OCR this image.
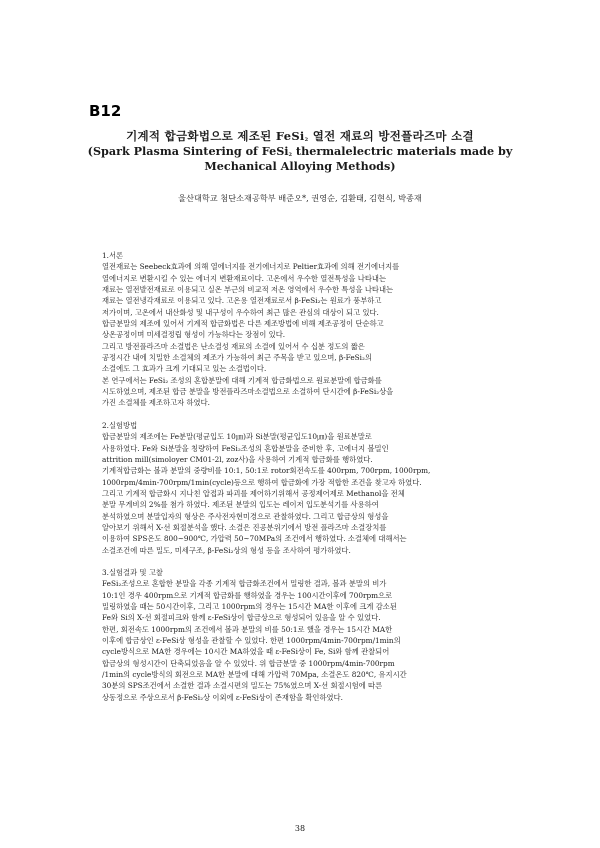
B12
기계적 합금화법으로 제조된 FeSi$_2$ 열전 재료의 방전플라즈마 소결
(Spark Plasma Sintering of FeSi$_2$ thermalelectric materials made by
Mechanical Alloying Methods)
울산대학교 첨단소재공학부 배준오*, 권영순, 김환태, 김현식, 박종재
1.서론
열전재료는 Seebeck효과에 의해 열에너지를 전기에너지로 Peltier효과에 의해 전기에너지를
열에너지로 변환시킬 수 있는 에너지 변환재료이다. 고온에서 우수한 열전특성을 나타내는
재료는 열전발전재료로 이용되고 실온 부근의 비교적 저온 영역에서 우수한 특성을 나타내는
재료는 열전냉각재료로 이용되고 있다. 고온용 열전재료로서 β-FeSi₂는 원료가 풍부하고
저가이며, 고온에서 내산화성 및 내구성이 우수하여 최근 많은 관심의 대상이 되고 있다.
합금분말의 제조에 있어서 기계적 합금화법은 다른 제조방법에 비해 제조공정이 단순하고
상온공정이며 미세결정립 형성이 가능하다는 장점이 있다.
그리고 방전플라즈마 소결법은 난소결성 재료의 소결에 있어서 수 십분 정도의 짧은
공정시간 내에 치밀한 소결체의 제조가 가능하여 최근 주목을 받고 있으며, β-FeSi₂의
소결에도 그 효과가 크게 기대되고 있는 소결법이다.
본 연구에서는 FeSi₂ 조성의 혼합분말에 대해 기계적 합금화법으로 원료분말에 합금화를
시도하였으며, 제조된 합금 분말을 방전플라즈마소결법으로 소결하여 단시간에 β-FeSi₂상을
가진 소결체를 제조하고자 하였다.
2.실험방법
합금분말의 제조에는 Fe분말(평균입도 10㎛)과 Si분말(평균입도10㎛)을 원료분말로
사용하였다. Fe와 Si분말을 칭량하여 FeSi₂조성의 혼합분말을 준비한 후, 고에너지 볼밀인
attrition mill(simoloyer CM01-2l, zoz사)을 사용하여 기계적 합금화를 행하였다.
기계적합금화는 볼과 분말의 중량비를 10:1, 50:1로 rotor회전속도를 400rpm, 700rpm, 1000rpm,
1000rpm/4min-700rpm/1min(cycle)등으로 행하여 합금화에 가장 적합한 조건을 찾고자 하였다.
그리고 기계적 합금화시 지나친 압접과 파괴를 제어하기위해서 공정제어제로 Methanol을 전체
분말 무게비의 2%를 첨가 하였다. 제조된 분말의 입도는 레이저 입도분석기를 사용하여
분석하였으며 분말입자의 형상은 주사전자현미경으로 관찰하였다. 그리고 합금상의 형성을
알아보기 위해서 X-선 회절분석을 했다. 소결은 진공분위기에서 방전 플라즈마 소결장치를
이용하여 SPS온도 800~900℃, 가압력 50~70MPa의 조건에서 행하였다. 소결체에 대해서는
소결조건에 따른 밀도, 미세구조, β-FeSi₂상의 형성 등을 조사하여 평가하였다.
3.실험결과 및 고찰
FeSi₂조성으로 혼합한 분말을 각종 기계적 합금화조건에서 밀링한 결과, 볼과 분말의 비가
10:1인 경우 400rpm으로 기계적 합금화를 행하였을 경우는 100시간이후에 700rpm으로
밀링하였을 때는 50시간이후, 그리고 1000rpm의 경우는 15시간 MA한 이후에 크게 감소된
Fe와 Si의 X-선 회절피크와 함께 ε-FeSi상이 합금상으로 형성되어 있음을 알 수 있었다.
한편, 회전속도 1000rpm의 조건에서 볼과 분말의 비를 50:1로 했을 경우는 15시간 MA한
이후에 합금상인 ε-FeSi상 형성을 관찰할 수 있었다. 한편 1000rpm/4min-700rpm/1min의
cycle방식으로 MA한 경우에는 10시간 MA하였을 때 ε-FeSi상이 Fe, Si와 함께 관찰되어
합금상의 형성시간이 단축되었음을 알 수 있었다. 위 합금분말 중 1000rpm/4min-700rpm
/1min의 cycle방식의 회전으로 MA한 분말에 대해 가압력 70Mpa, 소결온도 820℃, 유지시간
30분의 SPS조건에서 소결한 결과 소결시편의 밀도는 75%였으며 X-선 회절시험에 따른
상동정으로 주상으로서 β-FeSi₂상 이외에 ε-FeSi상이 존재함을 확인하였다.
38
